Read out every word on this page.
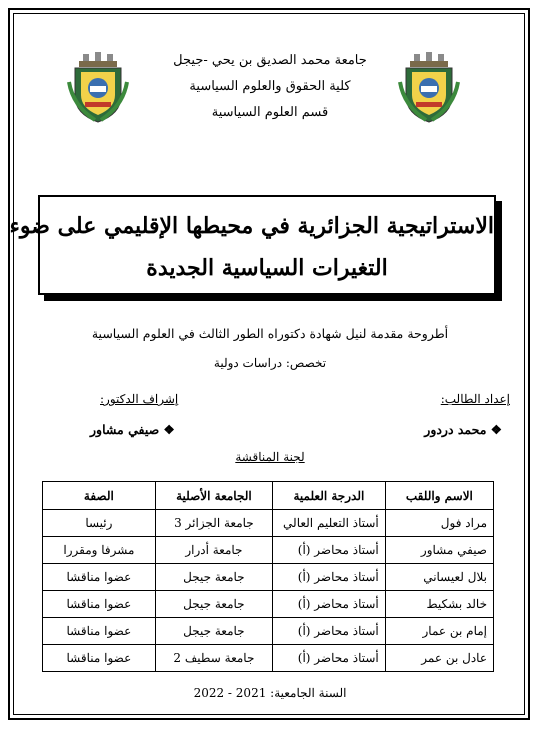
جامعة محمد الصديق بن يحي -جيجل
كلية الحقوق والعلوم السياسية
قسم العلوم السياسية
الاستراتيجية الجزائرية في محيطها الإقليمي على ضوء
التغيرات السياسية الجديدة
أطروحة مقدمة لنيل شهادة دكتوراه الطور الثالث في العلوم السياسية
تخصص: دراسات دولية
إعداد الطالب:
إشراف الدكتور:
❖ محمد دردور
❖ صيفي مشاور
لجنة المناقشة
الاسم واللقب	الدرجة العلمية	الجامعة الأصلية	الصفة
مراد فول	أستاذ التعليم العالي	جامعة الجزائر 3	رئيسا
صيفي مشاور	أستاذ محاضر (أ)	جامعة أدرار	مشرفا ومقررا
بلال لعيساني	أستاذ محاضر (أ)	جامعة جيجل	عضوا مناقشا
خالد بشكيط	أستاذ محاضر (أ)	جامعة جيجل	عضوا مناقشا
إمام بن عمار	أستاذ محاضر (أ)	جامعة جيجل	عضوا مناقشا
عادل بن عمر	أستاذ محاضر (أ)	جامعة سطيف 2	عضوا مناقشا
السنة الجامعية: 2021 - 2022
